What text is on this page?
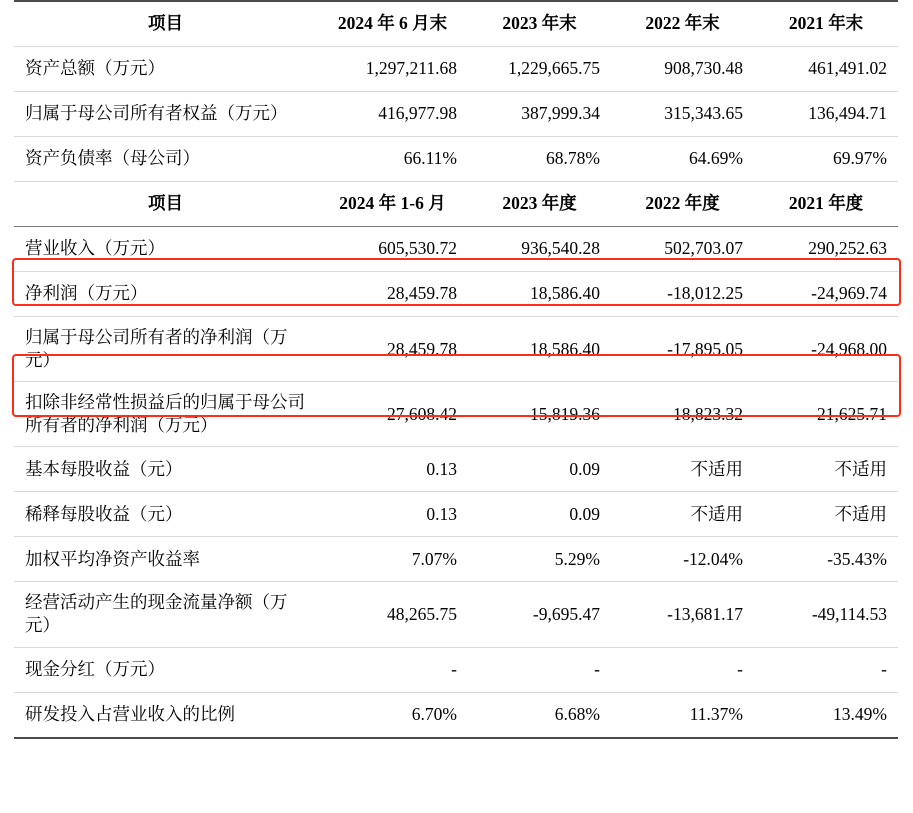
项目	2024 年 6 月末	2023 年末	2022 年末	2021 年末
资产总额（万元）	1,297,211.68	1,229,665.75	908,730.48	461,491.02
归属于母公司所有者权益（万元）	416,977.98	387,999.34	315,343.65	136,494.71
资产负债率（母公司）	66.11%	68.78%	64.69%	69.97%
项目	2024 年 1-6 月	2023 年度	2022 年度	2021 年度
营业收入（万元）	605,530.72	936,540.28	502,703.07	290,252.63
净利润（万元）	28,459.78	18,586.40	-18,012.25	-24,969.74
归属于母公司所有者的净利润（万元）	28,459.78	18,586.40	-17,895.05	-24,968.00
扣除非经常性损益后的归属于母公司所有者的净利润（万元）	27,608.42	15,819.36	-18,823.32	-21,625.71
基本每股收益（元）	0.13	0.09	不适用	不适用
稀释每股收益（元）	0.13	0.09	不适用	不适用
加权平均净资产收益率	7.07%	5.29%	-12.04%	-35.43%
经营活动产生的现金流量净额（万元）	48,265.75	-9,695.47	-13,681.17	-49,114.53
现金分红（万元）	-	-	-	-
研发投入占营业收入的比例	6.70%	6.68%	11.37%	13.49%
